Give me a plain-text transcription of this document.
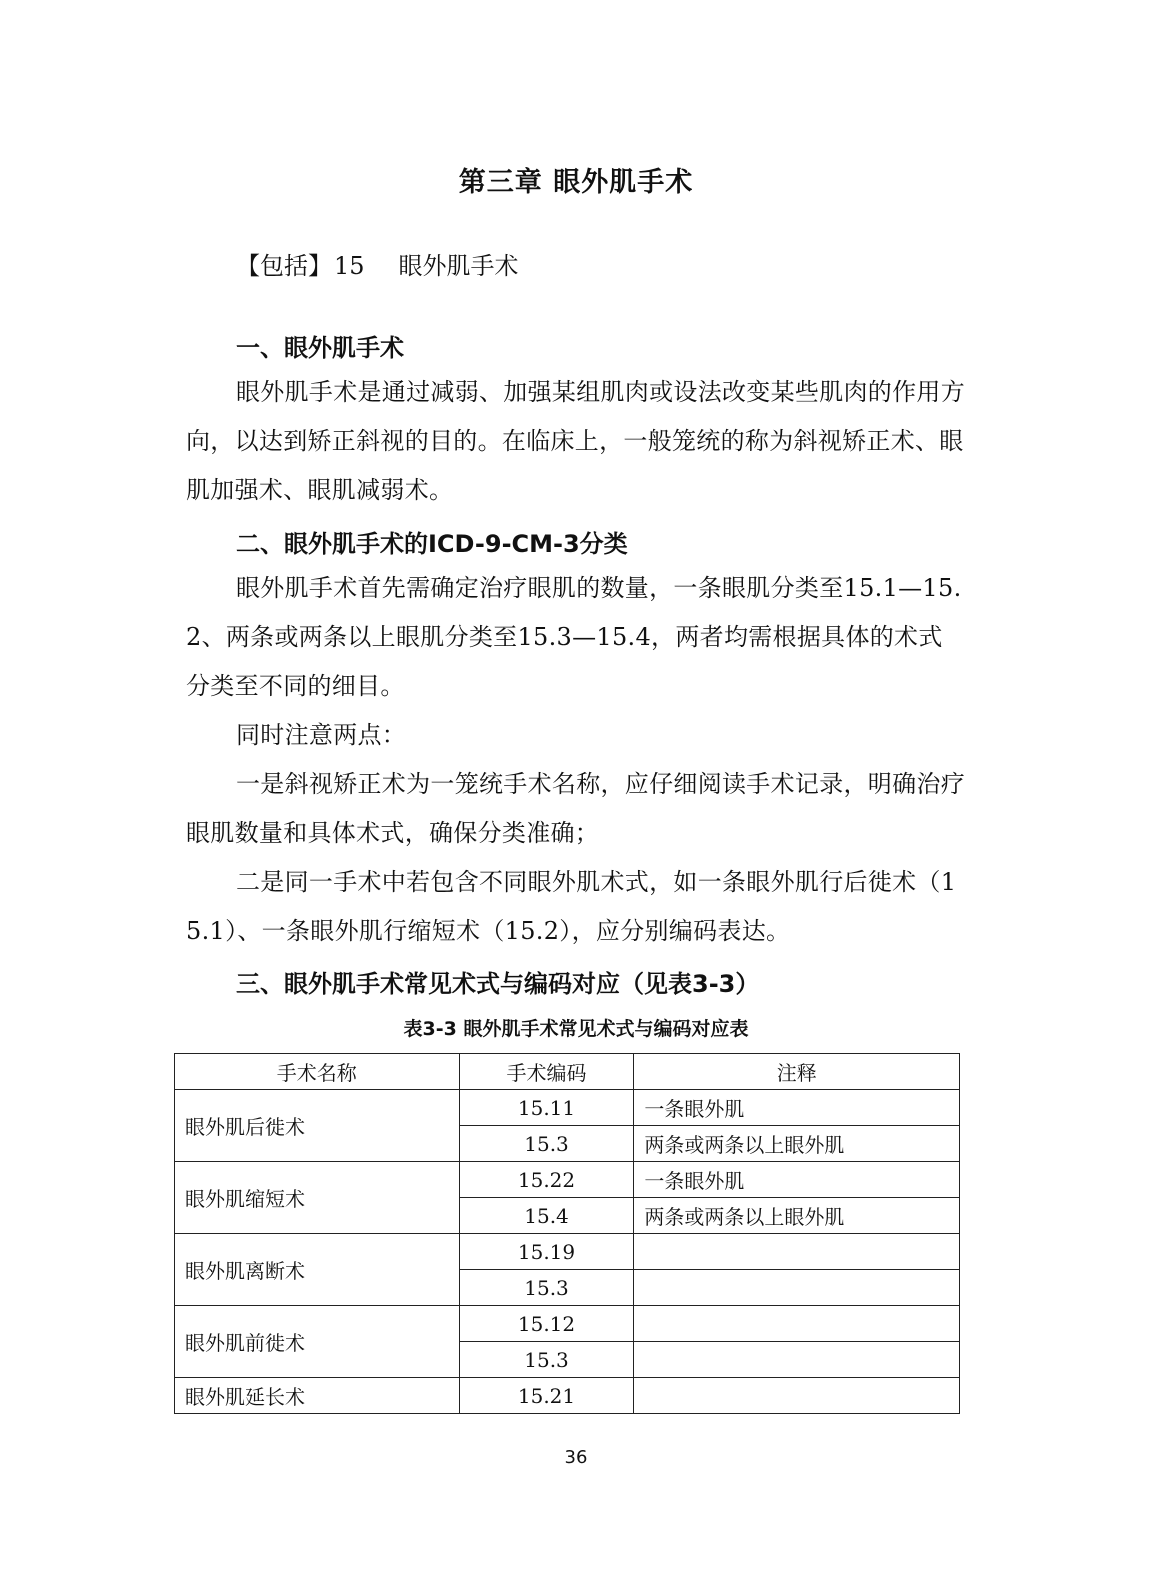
第三章 眼外肌手术
【包括】15 眼外肌手术
一、眼外肌手术

眼外肌手术是通过减弱、加强某组肌肉或设法改变某些肌肉的作用方向，以达到矫正斜视的目的。在临床上，一般笼统的称为斜视矫正术、眼肌加强术、眼肌减弱术。

二、眼外肌手术的ICD-9-CM-3分类

眼外肌手术首先需确定治疗眼肌的数量，一条眼肌分类至15.1—15.2、两条或两条以上眼肌分类至15.3—15.4，两者均需根据具体的术式分类至不同的细目。

同时注意两点：

一是斜视矫正术为一笼统手术名称，应仔细阅读手术记录，明确治疗眼肌数量和具体术式，确保分类准确；

二是同一手术中若包含不同眼外肌术式，如一条眼外肌行后徙术（15.1）、一条眼外肌行缩短术（15.2），应分别编码表达。

三、眼外肌手术常见术式与编码对应（见表3-3）
表3-3 眼外肌手术常见术式与编码对应表
手术名称	手术编码	注释
眼外肌后徙术	15.11	一条眼外肌
	15.3	两条或两条以上眼外肌
眼外肌缩短术	15.22	一条眼外肌
	15.4	两条或两条以上眼外肌
眼外肌离断术	15.19	
	15.3	
眼外肌前徙术	15.12	
	15.3	
眼外肌延长术	15.21	
36
